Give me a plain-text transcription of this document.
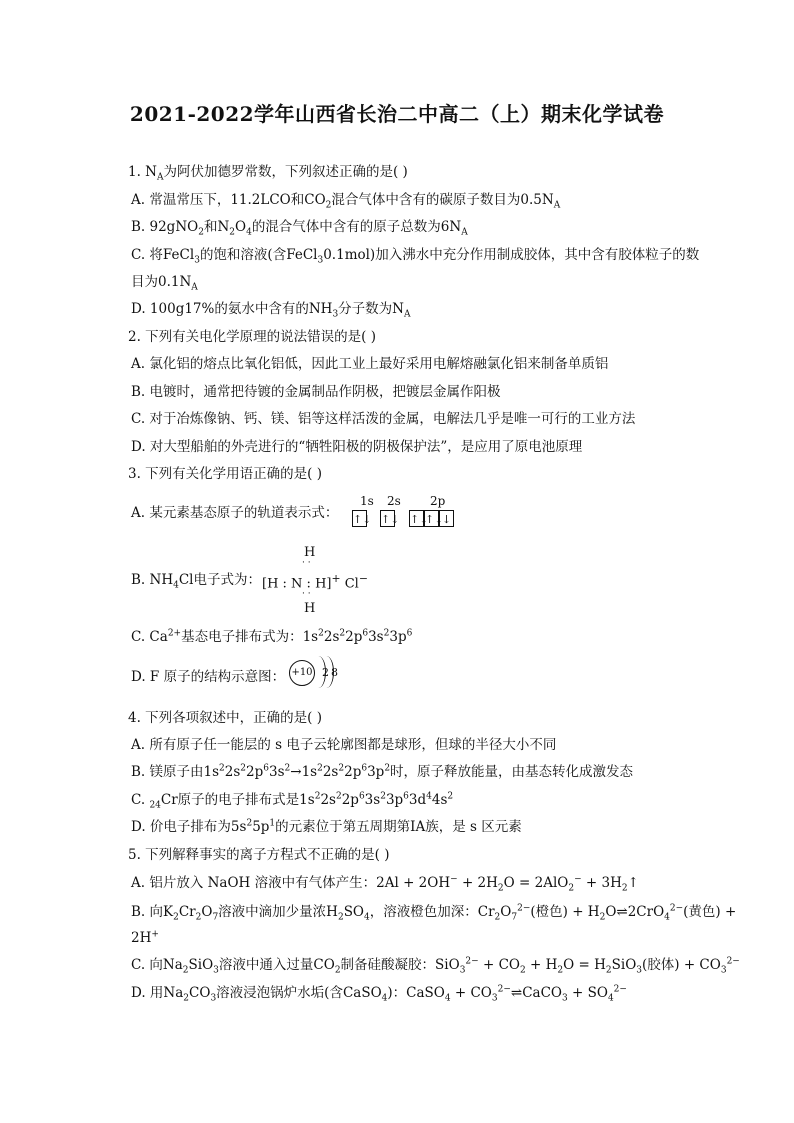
2021-2022学年山西省长治二中高二（上）期末化学试卷
1. $N_A$为阿伏加德罗常数，下列叙述正确的是( )
A. 常温常压下，11.2LCO和$CO_2$混合气体中含有的碳原子数目为$0.5N_A$
B. 92gNO$_2$和$N_2O_4$的混合气体中含有的原子总数为$6N_A$
C. 将FeCl$_3$的饱和溶液(含FeCl$_3$0.1mol)加入沸水中充分作用制成胶体，其中含有胶体粒子的数
目为$0.1N_A$
D. 100g17%的氨水中含有的$NH_3$分子数为$N_A$
2. 下列有关电化学原理的说法错误的是( )
A. 氯化铝的熔点比氧化铝低，因此工业上最好采用电解熔融氯化铝来制备单质铝
B. 电镀时，通常把待镀的金属制品作阴极，把镀层金属作阳极
C. 对于冶炼像钠、钙、镁、铝等这样活泼的金属，电解法几乎是唯一可行的工业方法
D. 对大型船舶的外壳进行的“牺牲阳极的阴极保护法”，是应用了原电池原理
3. 下列有关化学用语正确的是( )
A. 某元素基态原子的轨道表示式：
1s 2s 2p
↑↓ ↑↓ ↑↓
↑↓
↓
B. $NH_4Cl$电子式为：
H
· ·
[H : N : H]+ Cl−
· ·
H
C. $Ca^{2+}$基态电子排布式为：$1s^22s^22p^63s^23p^6$
D. F 原子的结构示意图： +10 2 8
4. 下列各项叙述中，正确的是( )
A. 所有原子任一能层的 s 电子云轮廓图都是球形，但球的半径大小不同
B. 镁原子由$1s^22s^22p^63s^2\to 1s^22s^22p^63p^2$时，原子释放能量，由基态转化成激发态
C. $_{24}$Cr原子的电子排布式是$1s^22s^22p^63s^23p^63d^44s^2$
D. 价电子排布为$5s^25p^1$的元素位于第五周期第ⅠA族，是 s 区元素
5. 下列解释事实的离子方程式不正确的是( )
A. 铝片放入 NaOH 溶液中有气体产生：$2Al + 2OH^- + 2H_2O = 2AlO_2^-$ + $3H_2↑$
B. 向$K_2Cr_2O_7$溶液中滴加少量浓$H_2SO_4$，溶液橙色加深：$Cr_2O_7^{2-}$(橙色) + $H_2O\rightleftharpoons 2CrO_4^{2-}$(黄色) +
2H+
C. 向$Na_2SiO_3$溶液中通入过量$CO_2$制备硅酸凝胶：$SiO_3^{2-} + CO_2 + H_2O = H_2SiO_3$(胶体) + $CO_3^{2-}$
D. 用$Na_2CO_3$溶液浸泡锅炉水垢(含CaSO$_4$)：CaSO$_4$ + $CO_3^{2-}\rightleftharpoons CaCO_3 + SO_4^{2-}$
